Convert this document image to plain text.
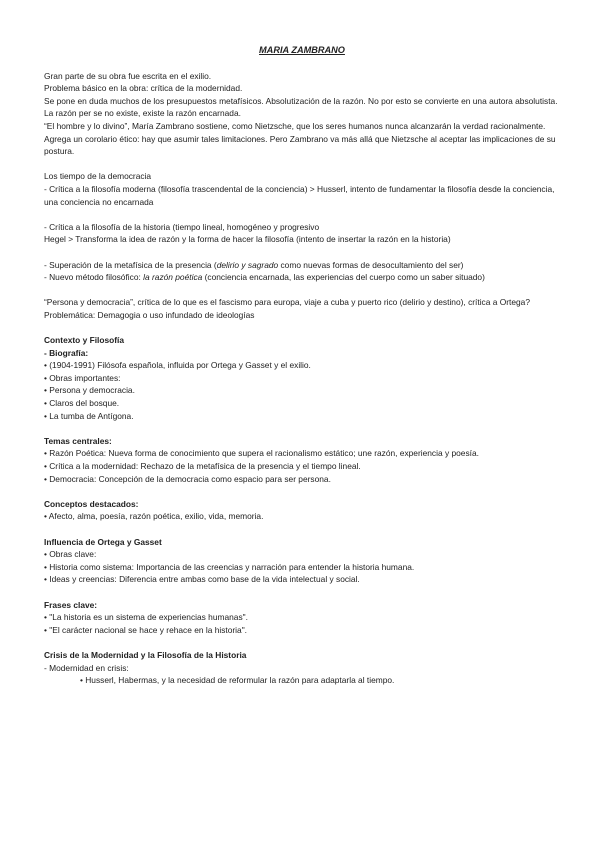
MARIA ZAMBRANO

Gran parte de su obra fue escrita en el exilio.

Problema básico en la obra: crítica de la modernidad.

Se pone en duda muchos de los presupuestos metafísicos. Absolutización de la razón. No por esto se convierte en una autora absolutista. La razón per se no existe, existe la razón encarnada.

“El hombre y lo divino”, María Zambrano sostiene, como Nietzsche, que los seres humanos nunca alcanzarán la verdad racionalmente. Agrega un corolario ético: hay que asumir tales limitaciones. Pero Zambrano va más allá que Nietzsche al aceptar las implicaciones de su postura.

Los tiempo de la democracia

- Crítica a la filosofía moderna (filosofía trascendental de la conciencia) > Husserl, intento de fundamentar la filosofía desde la conciencia, una conciencia no encarnada

- Crítica a la filosofía de la historia (tiempo lineal, homogéneo y progresivo

Hegel > Transforma la idea de razón y la forma de hacer la filosofía (intento de insertar la razón en la historia)

- Superación de la metafísica de la presencia (delirio y sagrado como nuevas formas de desocultamiento del ser)

- Nuevo método filosófico: la razón poética (conciencia encarnada, las experiencias del cuerpo como un saber situado)

“Persona y democracia”, crítica de lo que es el fascismo para europa, viaje a cuba y puerto rico (delirio y destino), crítica a Ortega?

Problemática: Demagogia o uso infundado de ideologías

Contexto y Filosofía

- Biografía:

• (1904-1991) Filósofa española, influida por Ortega y Gasset y el exilio.

• Obras importantes:

• Persona y democracia.

• Claros del bosque.

• La tumba de Antígona.

Temas centrales:

• Razón Poética: Nueva forma de conocimiento que supera el racionalismo estático; une razón, experiencia y poesía.

• Crítica a la modernidad: Rechazo de la metafísica de la presencia y el tiempo lineal.

• Democracia: Concepción de la democracia como espacio para ser persona.

Conceptos destacados:

• Afecto, alma, poesía, razón poética, exilio, vida, memoria.

Influencia de Ortega y Gasset

• Obras clave:

• Historia como sistema: Importancia de las creencias y narración para entender la historia humana.

• Ideas y creencias: Diferencia entre ambas como base de la vida intelectual y social.

Frases clave:

• "La historia es un sistema de experiencias humanas".

• "El carácter nacional se hace y rehace en la historia".

Crisis de la Modernidad y la Filosofía de la Historia

- Modernidad en crisis:

• Husserl, Habermas, y la necesidad de reformular la razón para adaptarla al tiempo.
